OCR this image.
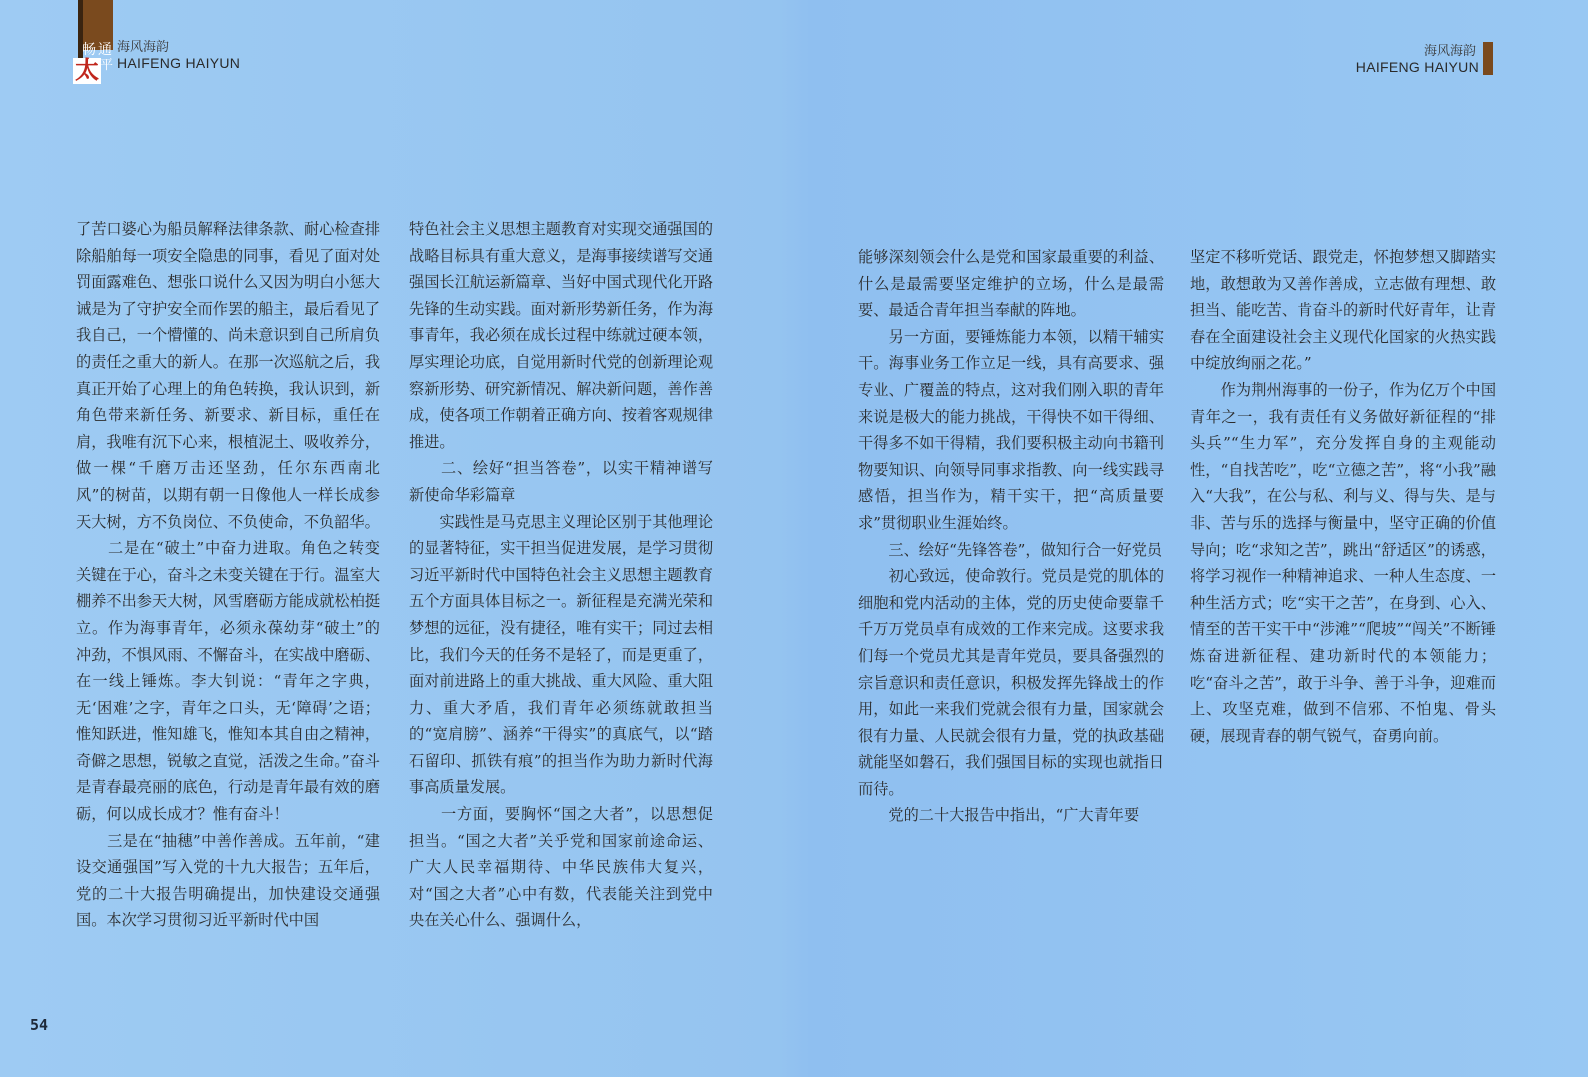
畅通
太 平
海风海韵
HAIFENG HAIYUN
海风海韵
HAIFENG HAIYUN
了苦口婆心为船员解释法律条款、耐心检查排除船舶每一项安全隐患的同事，看见了面对处罚面露难色、想张口说什么又因为明白小惩大诫是为了守护安全而作罢的船主，最后看见了我自己，一个懵懂的、尚未意识到自己所肩负的责任之重大的新人。在那一次巡航之后，我真正开始了心理上的角色转换，我认识到，新角色带来新任务、新要求、新目标，重任在肩，我唯有沉下心来，根植泥土、吸收养分，做一棵“千磨万击还坚劲，任尔东西南北风”的树苗，以期有朝一日像他人一样长成参天大树，方不负岗位、不负使命，不负韶华。
　　二是在“破土”中奋力进取。角色之转变关键在于心，奋斗之未变关键在于行。温室大棚养不出参天大树，风雪磨砺方能成就松柏挺立。作为海事青年，必须永葆幼芽“破土”的冲劲，不惧风雨、不懈奋斗，在实战中磨砺、在一线上锤炼。李大钊说：“青年之字典，无‘困难’之字，青年之口头，无‘障碍’之语；惟知跃进，惟知雄飞，惟知本其自由之精神，奇僻之思想，锐敏之直觉，活泼之生命。”奋斗是青春最亮丽的底色，行动是青年最有效的磨砺，何以成长成才？惟有奋斗！
　　三是在“抽穗”中善作善成。五年前，“建设交通强国”写入党的十九大报告；五年后，党的二十大报告明确提出，加快建设交通强国。本次学习贯彻习近平新时代中国
特色社会主义思想主题教育对实现交通强国的战略目标具有重大意义，是海事接续谱写交通强国长江航运新篇章、当好中国式现代化开路先锋的生动实践。面对新形势新任务，作为海事青年，我必须在成长过程中练就过硬本领，厚实理论功底，自觉用新时代党的创新理论观察新形势、研究新情况、解决新问题，善作善成，使各项工作朝着正确方向、按着客观规律推进。
　　二、绘好“担当答卷”，以实干精神谱写新使命华彩篇章
　　实践性是马克思主义理论区别于其他理论的显著特征，实干担当促进发展，是学习贯彻习近平新时代中国特色社会主义思想主题教育五个方面具体目标之一。新征程是充满光荣和梦想的远征，没有捷径，唯有实干；同过去相比，我们今天的任务不是轻了，而是更重了，面对前进路上的重大挑战、重大风险、重大阻力、重大矛盾，我们青年必须练就敢担当的“宽肩膀”、涵养“干得实”的真底气，以“踏石留印、抓铁有痕”的担当作为助力新时代海事高质量发展。
　　一方面，要胸怀“国之大者”，以思想促担当。“国之大者”关乎党和国家前途命运、广大人民幸福期待、中华民族伟大复兴，对“国之大者”心中有数，代表能关注到党中央在关心什么、强调什么，
能够深刻领会什么是党和国家最重要的利益、什么是最需要坚定维护的立场，什么是最需要、最适合青年担当奉献的阵地。
　　另一方面，要锤炼能力本领，以精干辅实干。海事业务工作立足一线，具有高要求、强专业、广覆盖的特点，这对我们刚入职的青年来说是极大的能力挑战，干得快不如干得细、干得多不如干得精，我们要积极主动向书籍刊物要知识、向领导同事求指教、向一线实践寻感悟，担当作为，精干实干，把“高质量要求”贯彻职业生涯始终。
　　三、绘好“先锋答卷”，做知行合一好党员
　　初心致远，使命敦行。党员是党的肌体的细胞和党内活动的主体，党的历史使命要靠千千万万党员卓有成效的工作来完成。这要求我们每一个党员尤其是青年党员，要具备强烈的宗旨意识和责任意识，积极发挥先锋战士的作用，如此一来我们党就会很有力量，国家就会很有力量、人民就会很有力量，党的执政基础就能坚如磐石，我们强国目标的实现也就指日而待。
　　党的二十大报告中指出，“广大青年要
坚定不移听党话、跟党走，怀抱梦想又脚踏实地，敢想敢为又善作善成，立志做有理想、敢担当、能吃苦、肯奋斗的新时代好青年，让青春在全面建设社会主义现代化国家的火热实践中绽放绚丽之花。”
　　作为荆州海事的一份子，作为亿万个中国青年之一，我有责任有义务做好新征程的“排头兵”“生力军”，充分发挥自身的主观能动性，“自找苦吃”，吃“立德之苦”，将“小我”融入“大我”，在公与私、利与义、得与失、是与非、苦与乐的选择与衡量中，坚守正确的价值导向；吃“求知之苦”，跳出“舒适区”的诱惑，将学习视作一种精神追求、一种人生态度、一种生活方式；吃“实干之苦”，在身到、心入、情至的苦干实干中“涉滩”“爬坡”“闯关”不断锤炼奋进新征程、建功新时代的本领能力；吃“奋斗之苦”，敢于斗争、善于斗争，迎难而上、攻坚克难，做到不信邪、不怕鬼、骨头硬，展现青春的朝气锐气，奋勇向前。
54
